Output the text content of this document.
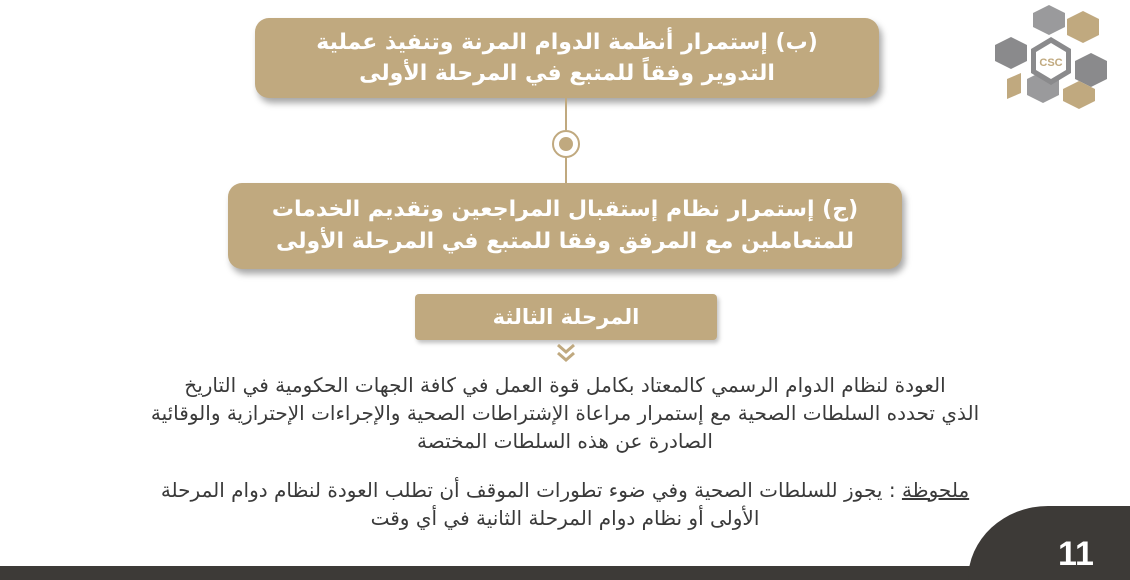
CSC
(ب) إستمرار أنظمة الدوام المرنة وتنفيذ عملية
التدوير وفقاً للمتبع في المرحلة الأولى
(ج) إستمرار نظام إستقبال المراجعين وتقديم الخدمات
للمتعاملين مع المرفق وفقا للمتبع في المرحلة الأولى
المرحلة الثالثة
العودة لنظام الدوام الرسمي كالمعتاد بكامل قوة العمل في كافة الجهات الحكومية في التاريخ
الذي تحدده السلطات الصحية مع إستمرار مراعاة الإشتراطات الصحية والإجراءات الإحترازية والوقائية
الصادرة عن هذه السلطات المختصة
ملحوظة : يجوز للسلطات الصحية وفي ضوء تطورات الموقف أن تطلب العودة لنظام دوام المرحلة
الأولى أو نظام دوام المرحلة الثانية في أي وقت
11
